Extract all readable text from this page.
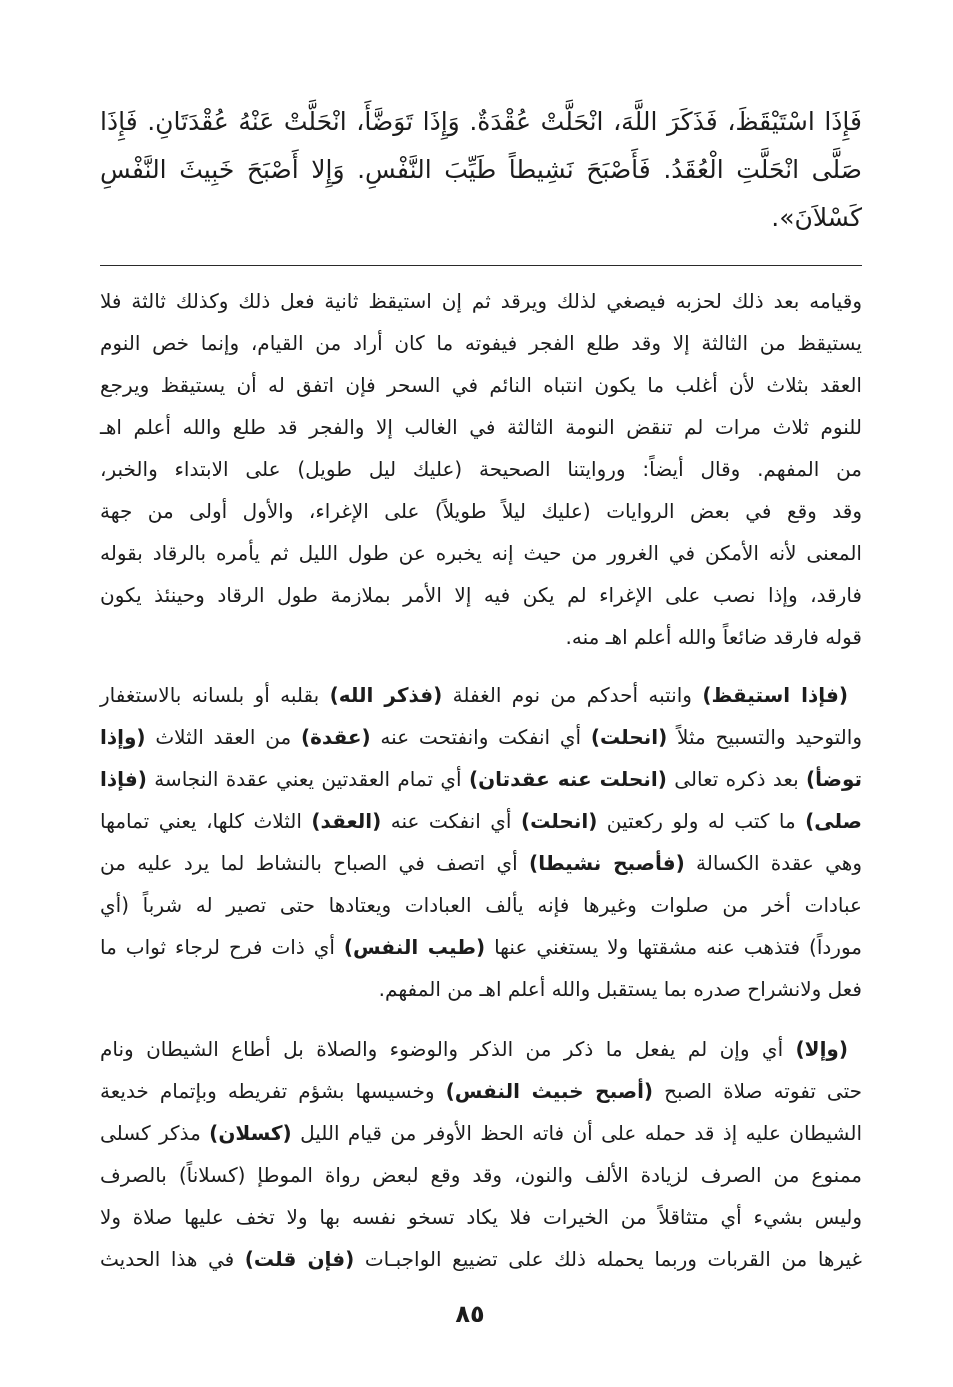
فَإِذَا اسْتَيْقَظَ، فَذَكَرَ اللَّهَ، انْحَلَّتْ عُقْدَةٌ. وَإِذَا تَوَضَّأَ، انْحَلَّتْ عَنْهُ عُقْدَتَانِ. فَإِذَا
صَلَّى انْحَلَّتِ الْعُقَدُ. فَأَصْبَحَ نَشِيطاً طَيِّبَ النَّفْسِ. وَإِلا أَصْبَحَ خَبِيثَ النَّفْسِ
كَسْلاَنَ».
وقيامه بعد ذلك لحزبه فيصغي لذلك ويرقد ثم إن استيقظ ثانية فعل ذلك وكذلك ثالثة فلا
يستيقظ من الثالثة إلا وقد طلع الفجر فيفوته ما كان أراد من القيام، وإنما خص النوم
العقد بثلاث لأن أغلب ما يكون انتباه النائم في السحر فإن اتفق له أن يستيقظ ويرجع
للنوم ثلاث مرات لم تنقض النومة الثالثة في الغالب إلا والفجر قد طلع والله أعلم اهـ
من المفهم. وقال أيضاً: وروايتنا الصحيحة (عليك ليل طويل) على الابتداء والخبر،
وقد وقع في بعض الروايات (عليك ليلاً طويلاً) على الإغراء، والأول أولى من جهة
المعنى لأنه الأمكن في الغرور من حيث إنه يخبره عن طول الليل ثم يأمره بالرقاد بقوله
فارقد، وإذا نصب على الإغراء لم يكن فيه إلا الأمر بملازمة طول الرقاد وحينئذ يكون
قوله فارقد ضائعاً والله أعلم اهـ منه.
(فإذا استيقظ) وانتبه أحدكم من نوم الغفلة (فذكر الله) بقلبه أو بلسانه بالاستغفار
والتوحيد والتسبيح مثلاً (انحلت) أي انفكت وانفتحت عنه (عقدة) من العقد الثلاث (وإذا
توضأ) بعد ذكره تعالى (انحلت عنه عقدتان) أي تمام العقدتين يعني عقدة النجاسة (فإذا
صلى) ما كتب له ولو ركعتين (انحلت) أي انفكت عنه (العقد) الثلاث كلها، يعني تمامها
وهي عقدة الكسالة (فأصبح نشيطا) أي اتصف في الصباح بالنشاط لما يرد عليه من
عبادات أخر من صلوات وغيرها فإنه يألف العبادات ويعتادها حتى تصير له شرباً (أي
مورداً) فتذهب عنه مشقتها ولا يستغني عنها (طيب النفس) أي ذات فرح لرجاء ثواب ما
فعل ولانشراح صدره بما يستقبل والله أعلم اهـ من المفهم.
(وإلا) أي وإن لم يفعل ما ذكر من الذكر والوضوء والصلاة بل أطاع الشيطان ونام
حتى تفوته صلاة الصبح (أصبح خبيث النفس) وخسيسها بشؤم تفريطه وبإتمام خديعة
الشيطان عليه إذ قد حمله على أن فاته الحظ الأوفر من قيام الليل (كسلان) مذكر كسلى
ممنوع من الصرف لزيادة الألف والنون، وقد وقع لبعض رواة الموطإ (كسلاناً) بالصرف
وليس بشيء أي متثاقلاً من الخيرات فلا يكاد تسخو نفسه بها ولا تخف عليها صلاة ولا
غيرها من القربات وربما يحمله ذلك على تضييع الواجبـات (فإن قلت) في هذا الحديث
٨٥
